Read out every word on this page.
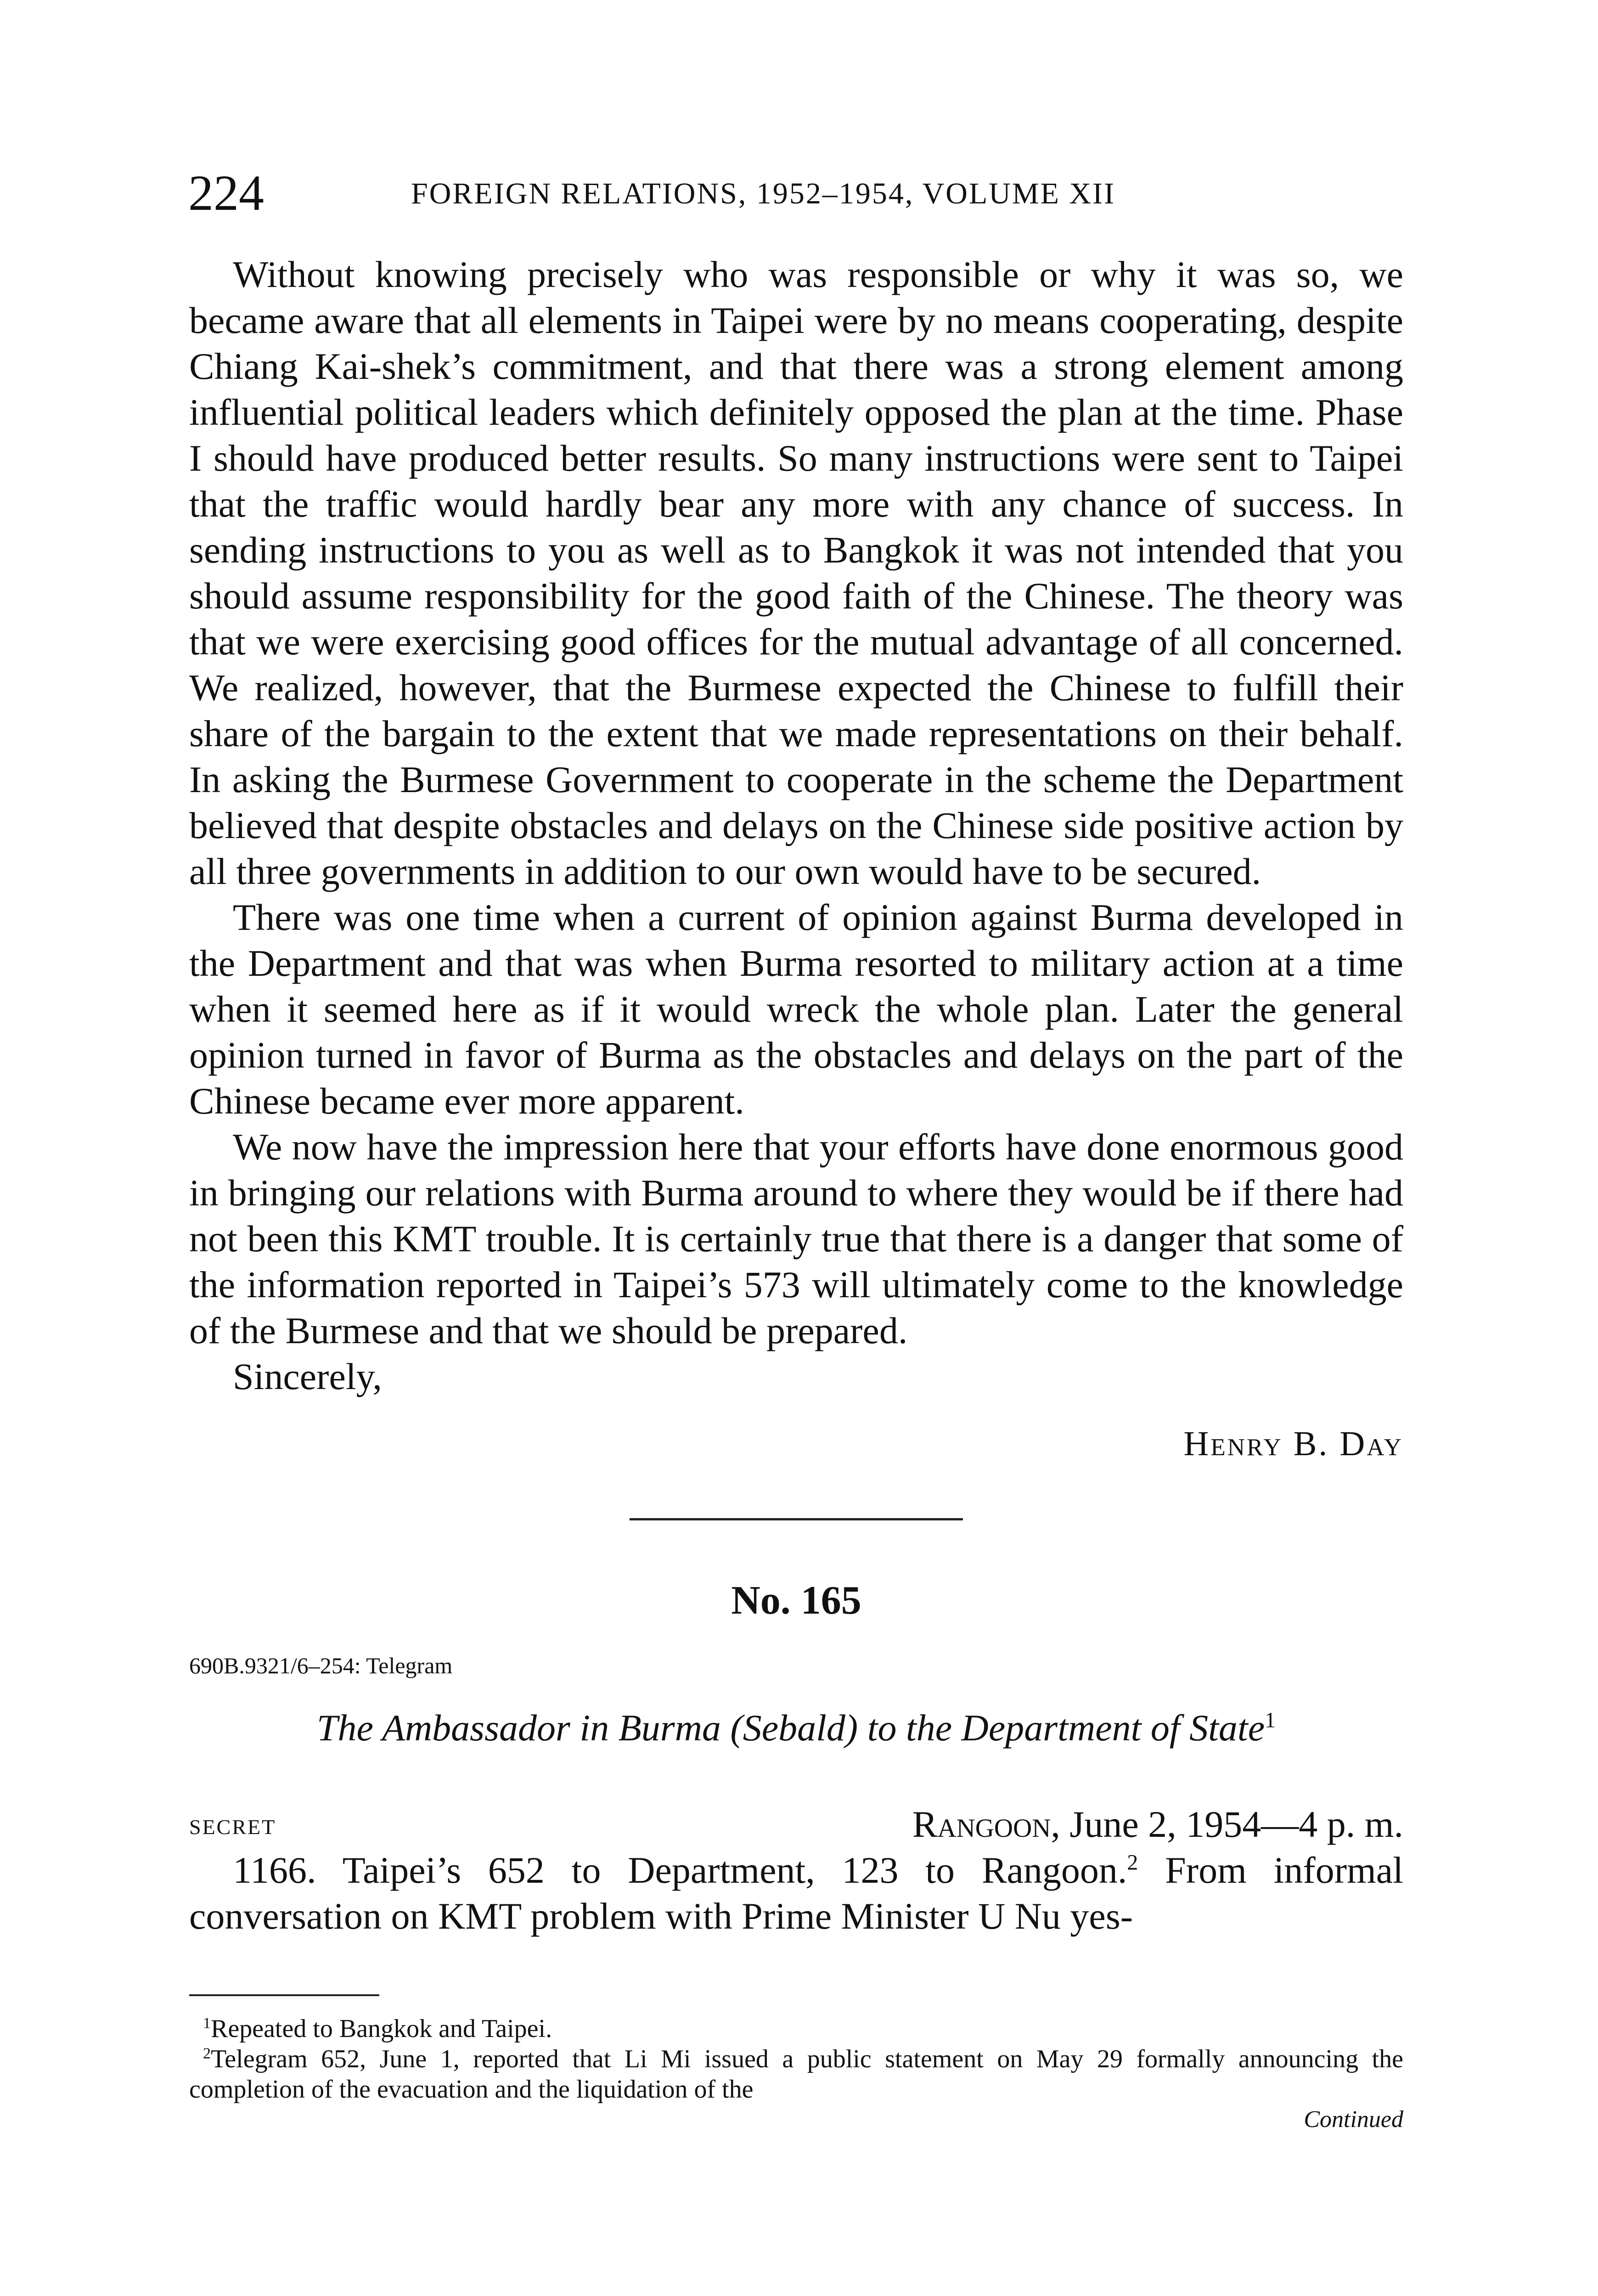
224	FOREIGN RELATIONS, 1952–1954, VOLUME XII

Without knowing precisely who was responsible or why it was so, we became aware that all elements in Taipei were by no means cooperating, despite Chiang Kai-shek’s commitment, and that there was a strong element among influential political leaders which definitely opposed the plan at the time. Phase I should have produced better results. So many instructions were sent to Taipei that the traffic would hardly bear any more with any chance of success. In sending instructions to you as well as to Bangkok it was not intended that you should assume responsibility for the good faith of the Chinese. The theory was that we were exercising good offices for the mutual advantage of all concerned. We realized, however, that the Burmese expected the Chinese to fulfill their share of the bargain to the extent that we made representations on their behalf. In asking the Burmese Government to cooperate in the scheme the Department believed that despite obstacles and delays on the Chinese side positive action by all three governments in addition to our own would have to be secured.

There was one time when a current of opinion against Burma developed in the Department and that was when Burma resorted to military action at a time when it seemed here as if it would wreck the whole plan. Later the general opinion turned in favor of Burma as the obstacles and delays on the part of the Chinese became ever more apparent.

We now have the impression here that your efforts have done enormous good in bringing our relations with Burma around to where they would be if there had not been this KMT trouble. It is certainly true that there is a danger that some of the information reported in Taipei’s 573 will ultimately come to the knowledge of the Burmese and that we should be prepared.

Sincerely,

Henry B. Day

No. 165
690B.9321/6–254: Telegram
The Ambassador in Burma (Sebald) to the Department of State$^1$
secret	Rangoon, June 2, 1954—4 p. m.

1166. Taipei’s 652 to Department, 123 to Rangoon.$^2$ From informal conversation on KMT problem with Prime Minister U Nu yes-

$^1$Repeated to Bangkok and Taipei.

$^2$Telegram 652, June 1, reported that Li Mi issued a public statement on May 29 formally announcing the completion of the evacuation and the liquidation of the

Continued
